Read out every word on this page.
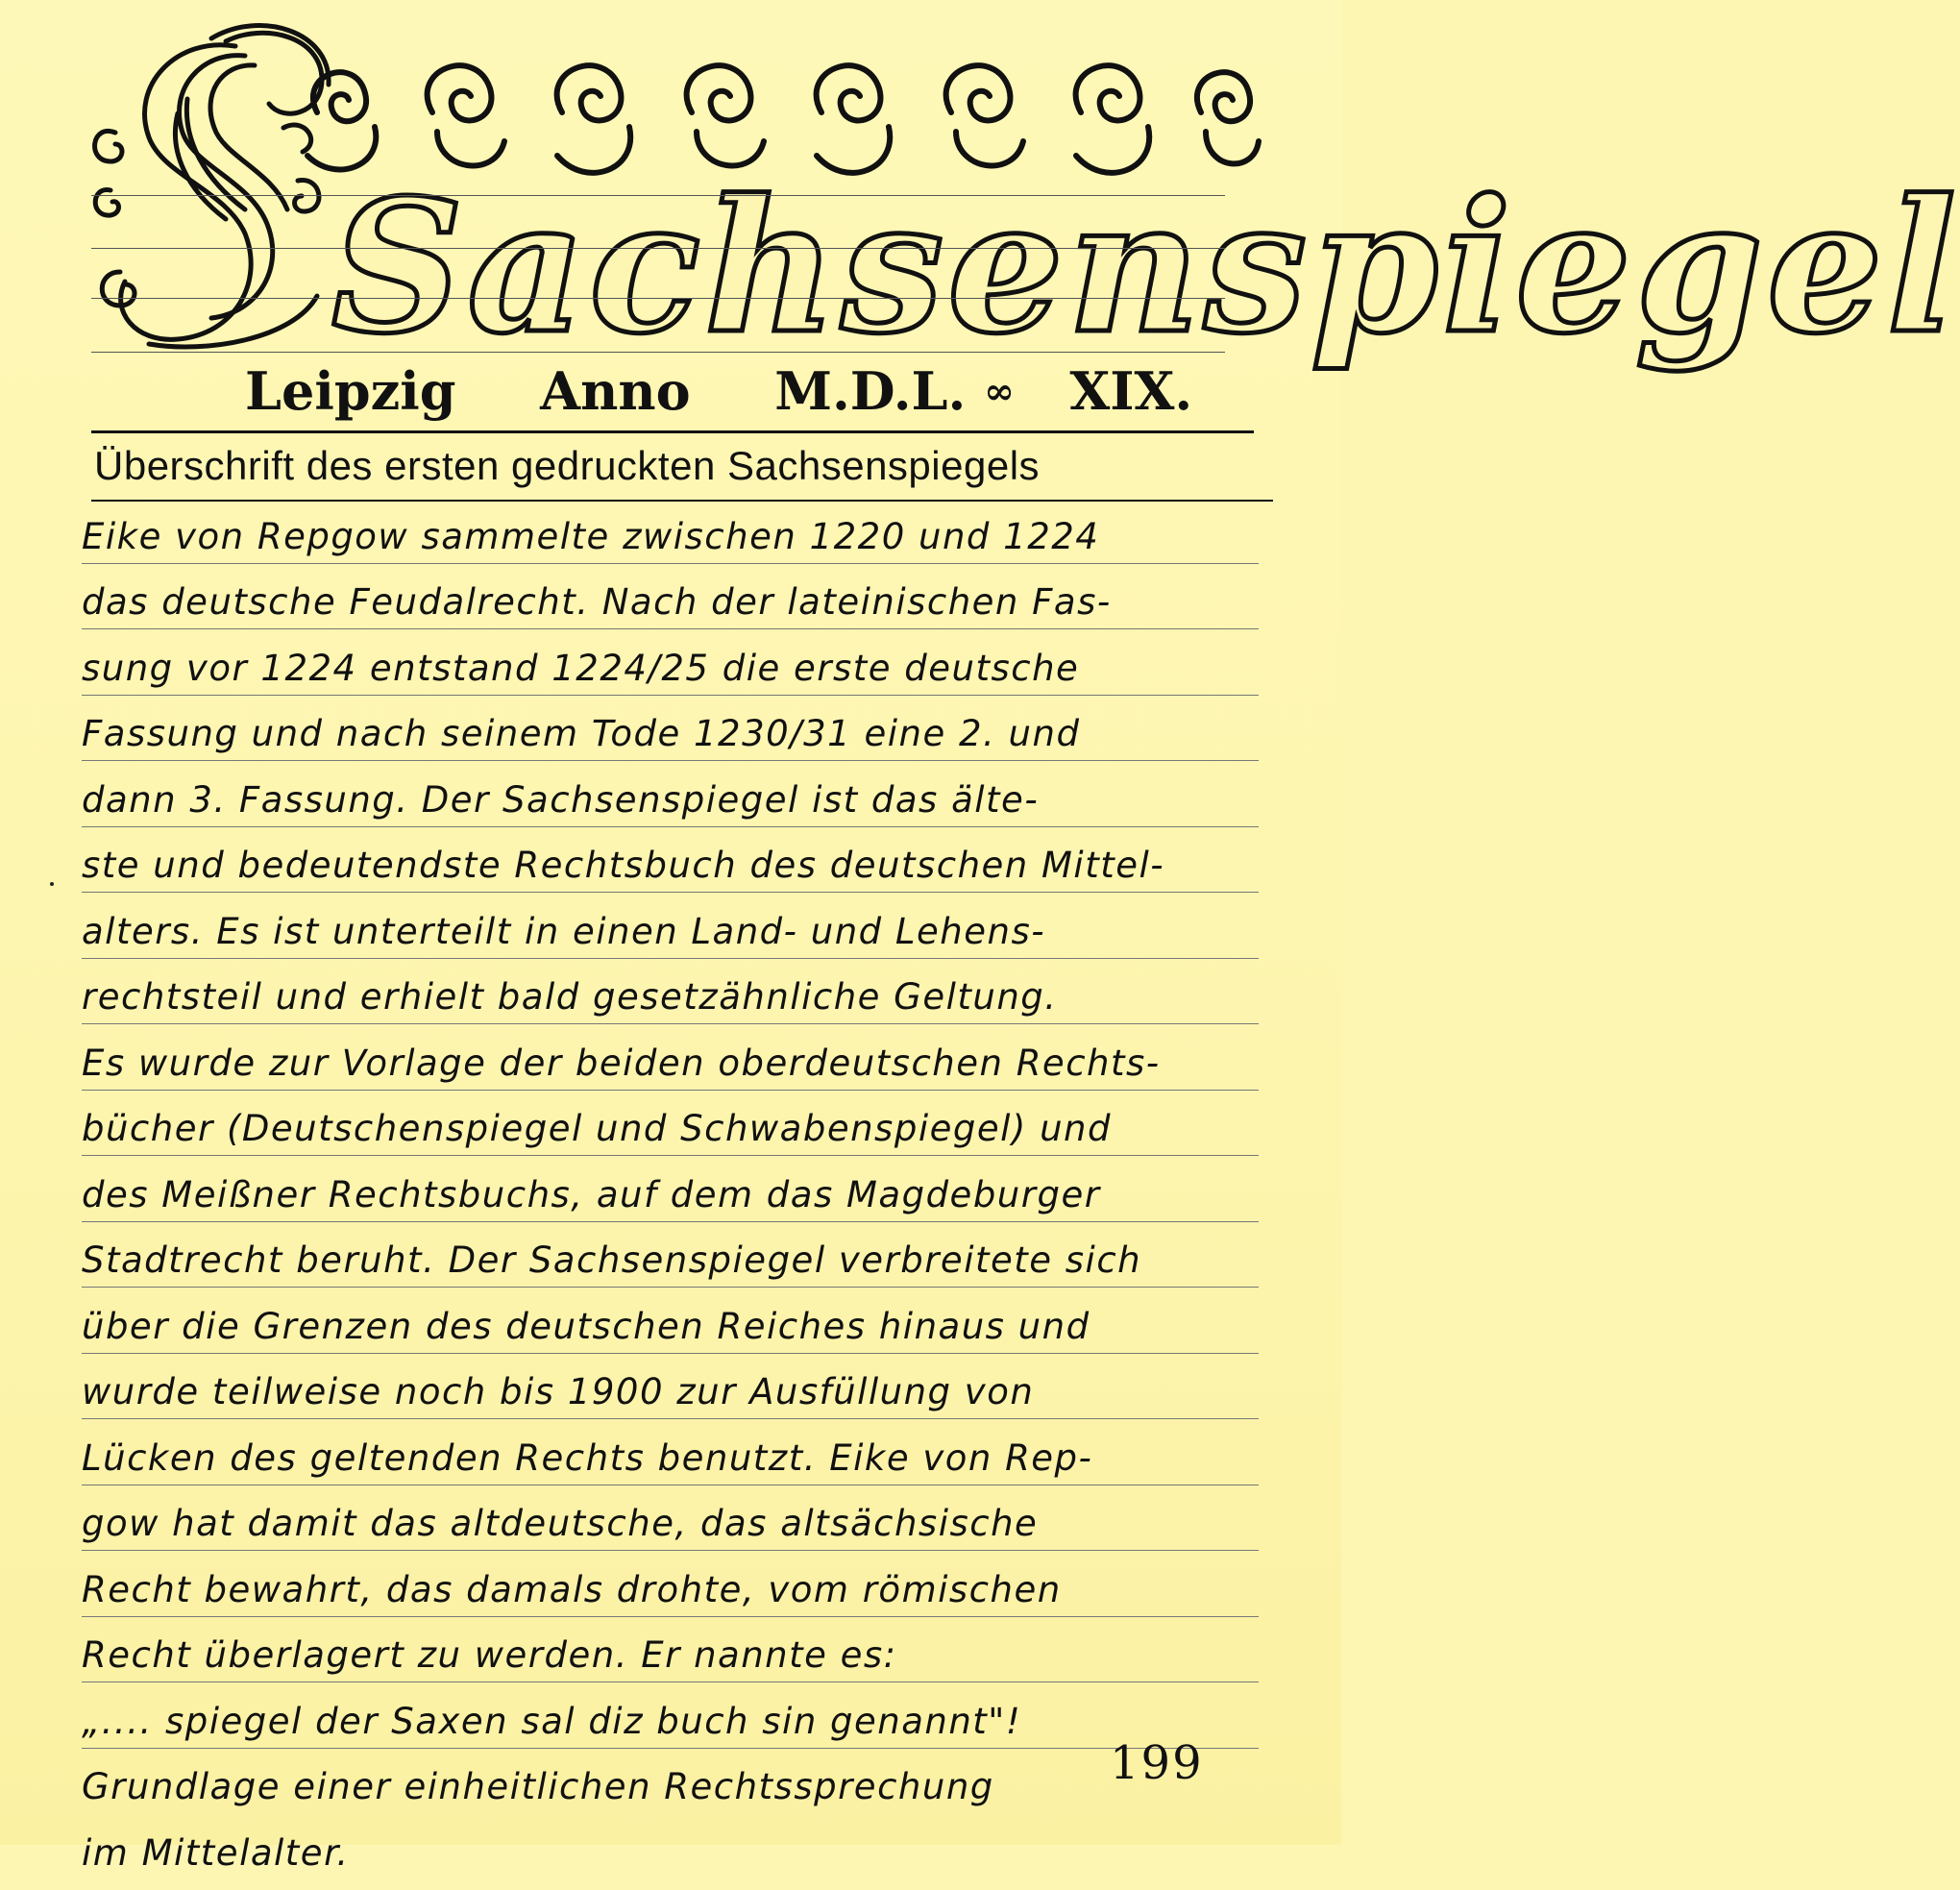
Sachsenspiegel
Leipzig Anno M.D.L. ∞ XIX.
Überschrift des ersten gedruckten Sachsenspiegels
Eike von Repgow sammelte zwischen 1220 und 1224
das deutsche Feudalrecht. Nach der lateinischen Fas-
sung vor 1224 entstand 1224/25 die erste deutsche
Fassung und nach seinem Tode 1230/31 eine 2. und
dann 3. Fassung. Der Sachsenspiegel ist das älte-
ste und bedeutendste Rechtsbuch des deutschen Mittel-
alters. Es ist unterteilt in einen Land- und Lehens-
rechtsteil und erhielt bald gesetzähnliche Geltung.
Es wurde zur Vorlage der beiden oberdeutschen Rechts-
bücher (Deutschenspiegel und Schwabenspiegel) und
des Meißner Rechtsbuchs, auf dem das Magdeburger
Stadtrecht beruht. Der Sachsenspiegel verbreitete sich
über die Grenzen des deutschen Reiches hinaus und
wurde teilweise noch bis 1900 zur Ausfüllung von
Lücken des geltenden Rechts benutzt. Eike von Rep-
gow hat damit das altdeutsche, das altsächsische
Recht bewahrt, das damals drohte, vom römischen
Recht überlagert zu werden. Er nannte es:
„.... spiegel der Saxen sal diz buch sin genannt"!
Grundlage einer einheitlichen Rechtssprechung
im Mittelalter.
199
